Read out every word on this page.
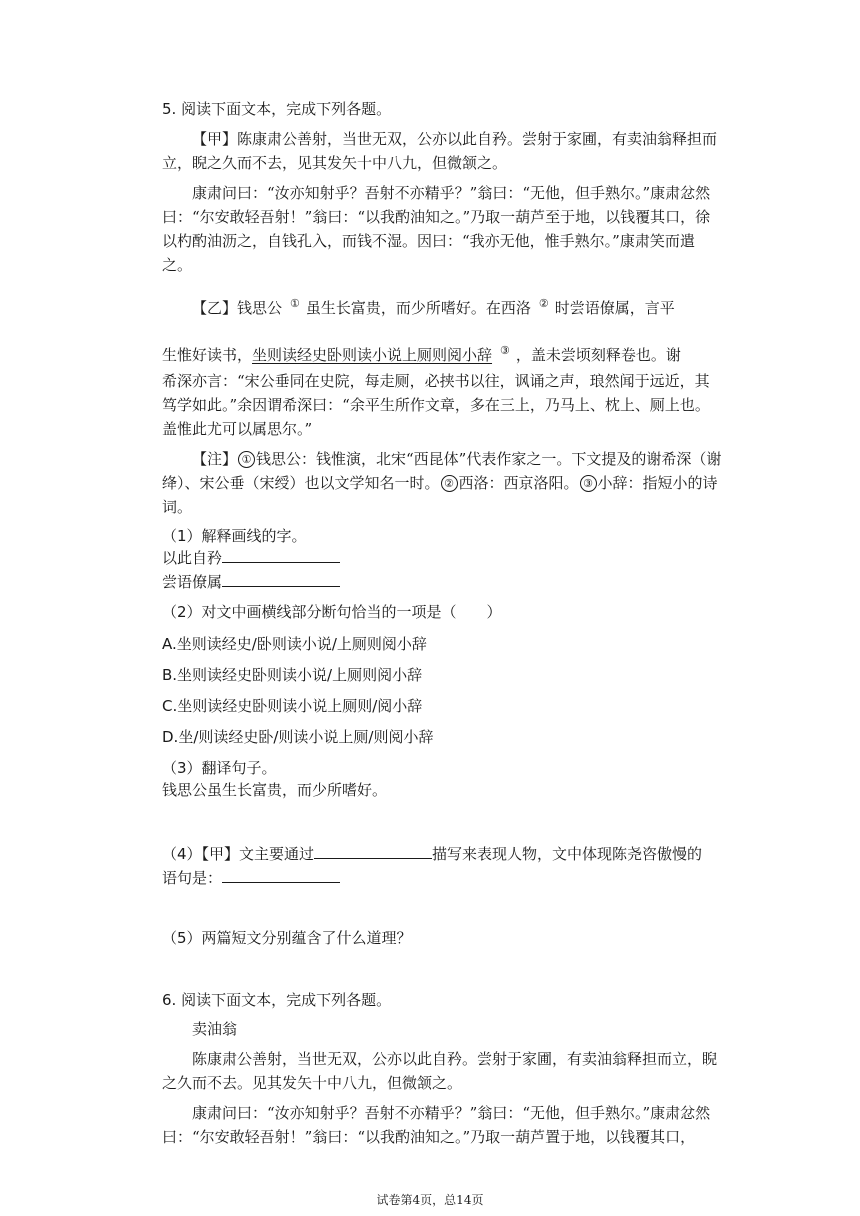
5. 阅读下面文本，完成下列各题。
【甲】陈康肃公善射，当世无双，公亦以此自矜。尝射于家圃，有卖油翁释担而立，睨之久而不去，见其发矢十中八九，但微颔之。
康肃问曰：“汝亦知射乎？吾射不亦精乎？”翁曰：“无他，但手熟尔。”康肃忿然曰：“尔安敢轻吾射！”翁曰：“以我酌油知之。”乃取一葫芦至于地，以钱覆其口，徐以杓酌油沥之，自钱孔入，而钱不湿。因曰：“我亦无他，惟手熟尔。”康肃笑而遣之。
【乙】钱思公 ① 虽生长富贵，而少所嗜好。在西洛 ② 时尝语僚属，言平
生惟好读书，坐则读经史卧则读小说上厕则阅小辞 ③ ，盖未尝顷刻释卷也。谢
希深亦言：“宋公垂同在史院，每走厕，必挟书以往，讽诵之声，琅然闻于远近，其笃学如此。”余因谓希深曰：“余平生所作文章，多在三上，乃马上、枕上、厕上也。盖惟此尤可以属思尔。”
【注】 ① 钱思公：钱惟演，北宋“西昆体”代表作家之一。下文提及的谢希深（谢绛）、宋公垂（宋绶）也以文学知名一时。 ② 西洛：西京洛阳。 ③ 小辞：指短小的诗词。
（1）解释画线的字。
以此自矜
尝语僚属
（2）对文中画横线部分断句恰当的一项是（　　）
A.坐则读经史/卧则读小说/上厕则阅小辞
B.坐则读经史卧则读小说/上厕则阅小辞
C.坐则读经史卧则读小说上厕则/阅小辞
D.坐/则读经史卧/则读小说上厕/则阅小辞
（3）翻译句子。
钱思公虽生长富贵，而少所嗜好。
（4）【甲】文主要通过	描写来表现人物，文中体现陈尧咨傲慢的
语句是：
（5）两篇短文分别蕴含了什么道理？
6. 阅读下面文本，完成下列各题。
卖油翁
陈康肃公善射，当世无双，公亦以此自矜。尝射于家圃，有卖油翁释担而立，睨之久而不去。见其发矢十中八九，但微颔之。
康肃问曰：“汝亦知射乎？吾射不亦精乎？”翁曰：“无他，但手熟尔。”康肃忿然曰：“尔安敢轻吾射！”翁曰：“以我酌油知之。”乃取一葫芦置于地，以钱覆其口，
试卷第4页，总14页
